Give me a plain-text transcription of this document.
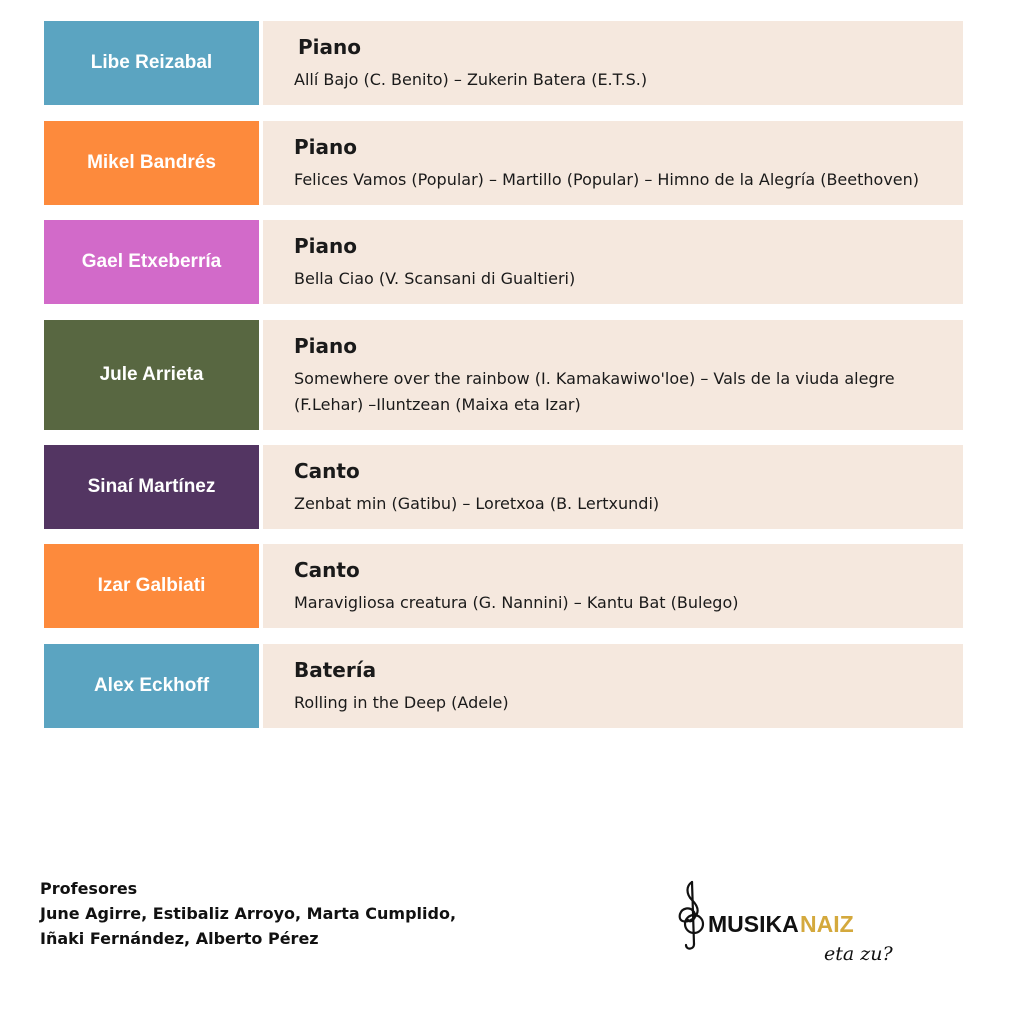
Libe Reizabal
Piano
Allí Bajo (C. Benito) – Zukerin Batera (E.T.S.)
Mikel Bandrés
Piano
Felices Vamos (Popular) – Martillo (Popular) – Himno de la Alegría (Beethoven)
Gael Etxeberría
Piano
Bella Ciao (V. Scansani di Gualtieri)
Jule Arrieta
Piano
Somewhere over the rainbow (I. Kamakawiwo'loe) – Vals de la viuda alegre (F.Lehar) –Iluntzean (Maixa eta Izar)
Sinaí Martínez
Canto
Zenbat min (Gatibu) – Loretxoa (B. Lertxundi)
Izar Galbiati
Canto
Maravigliosa creatura (G. Nannini) – Kantu Bat (Bulego)
Alex Eckhoff
Batería
Rolling in the Deep (Adele)
Profesores
June Agirre, Estibaliz Arroyo, Marta Cumplido,
Iñaki Fernández, Alberto Pérez
MUSIKA NAIZ
eta zu?
